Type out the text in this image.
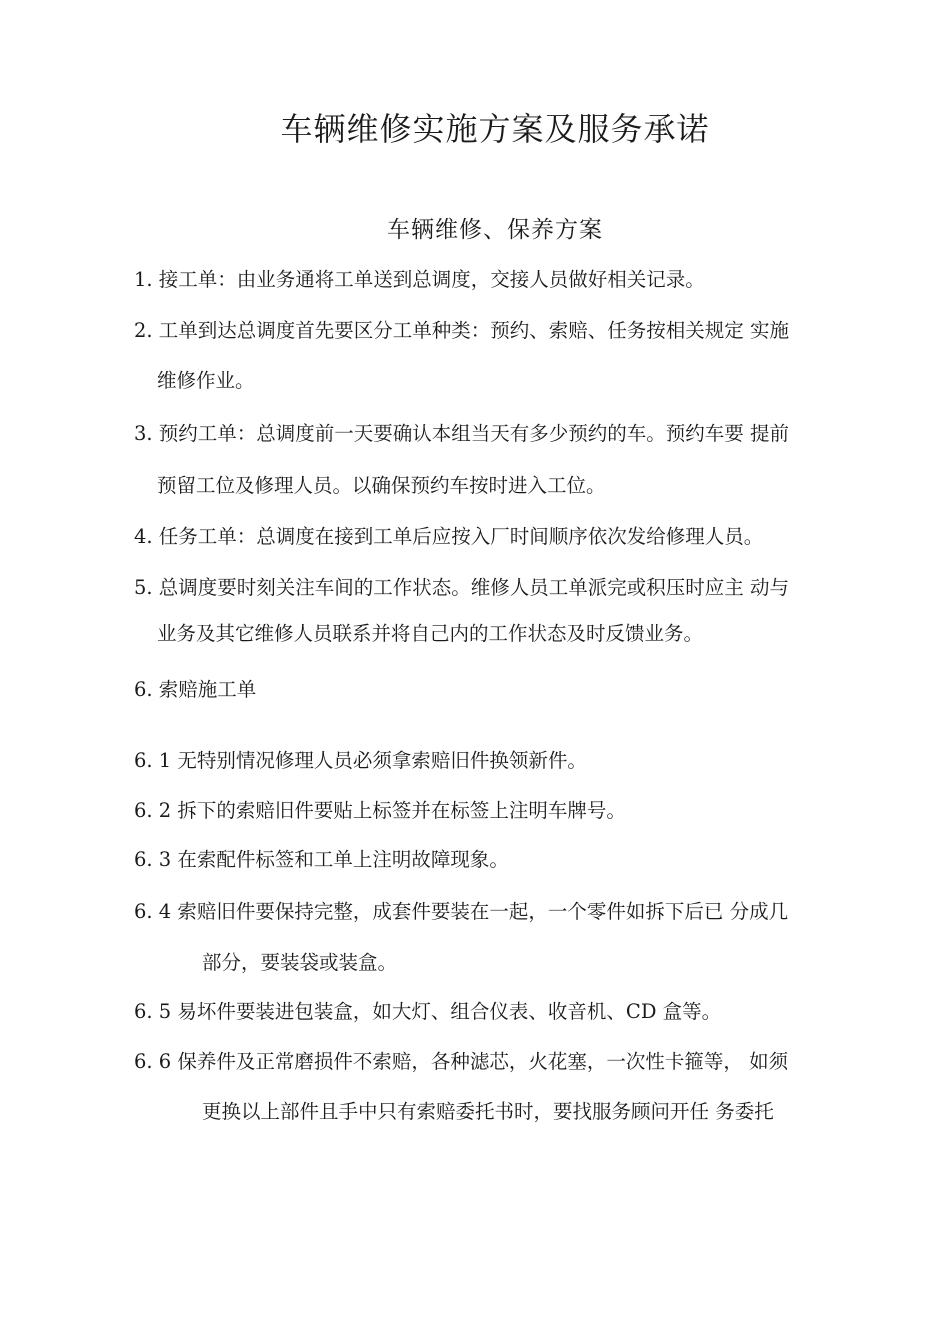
车辆维修实施方案及服务承诺
车辆维修、保养方案
1. 接工单：由业务通将工单送到总调度，交接人员做好相关记录。
2. 工单到达总调度首先要区分工单种类：预约、索赔、任务按相关规定 实施
维修作业。
3. 预约工单：总调度前一天要确认本组当天有多少预约的车。预约车要 提前
预留工位及修理人员。以确保预约车按时进入工位。
4. 任务工单：总调度在接到工单后应按入厂时间顺序依次发给修理人员。
5. 总调度要时刻关注车间的工作状态。维修人员工单派完或积压时应主 动与
业务及其它维修人员联系并将自己内的工作状态及时反馈业务。
6. 索赔施工单
6. 1 无特别情况修理人员必须拿索赔旧件换领新件。
6. 2 拆下的索赔旧件要贴上标签并在标签上注明车牌号。
6. 3 在索配件标签和工单上注明故障现象。
6. 4 索赔旧件要保持完整，成套件要装在一起，一个零件如拆下后已 分成几
部分，要装袋或装盒。
6. 5 易坏件要装进包装盒，如大灯、组合仪表、收音机、CD 盒等。
6. 6 保养件及正常磨损件不索赔，各种滤芯，火花塞，一次性卡箍等， 如须
更换以上部件且手中只有索赔委托书时，要找服务顾问开任 务委托
